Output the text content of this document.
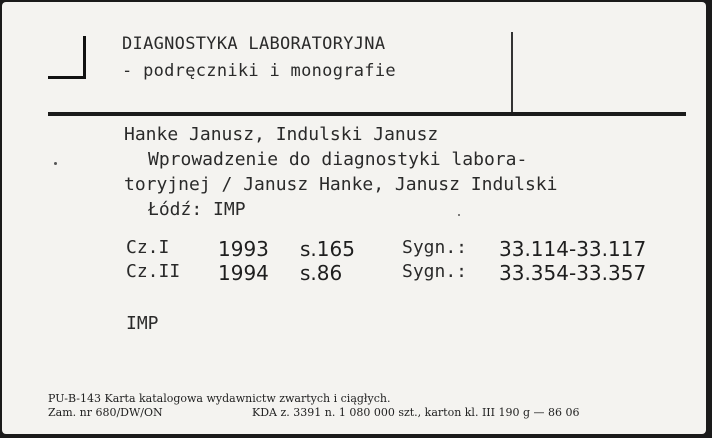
DIAGNOSTYKA LABORATORYJNA
- podręczniki i monografie
Hanke Janusz, Indulski Janusz
Wprowadzenie do diagnostyki labora-
toryjnej / Janusz Hanke, Janusz Indulski
Łódź: IMP
Cz.I 1993 s.165	Sygn.: 33.114-33.117
Cz.II 1994 s.86	Sygn.: 33.354-33.357
IMP
PU-B-143 Karta katalogowa wydawnictw zwartych i ciągłych.
Zam. nr 680/DW/ON	KDA z. 3391 n. 1 080 000 szt., karton kl. III 190 g — 86 06
